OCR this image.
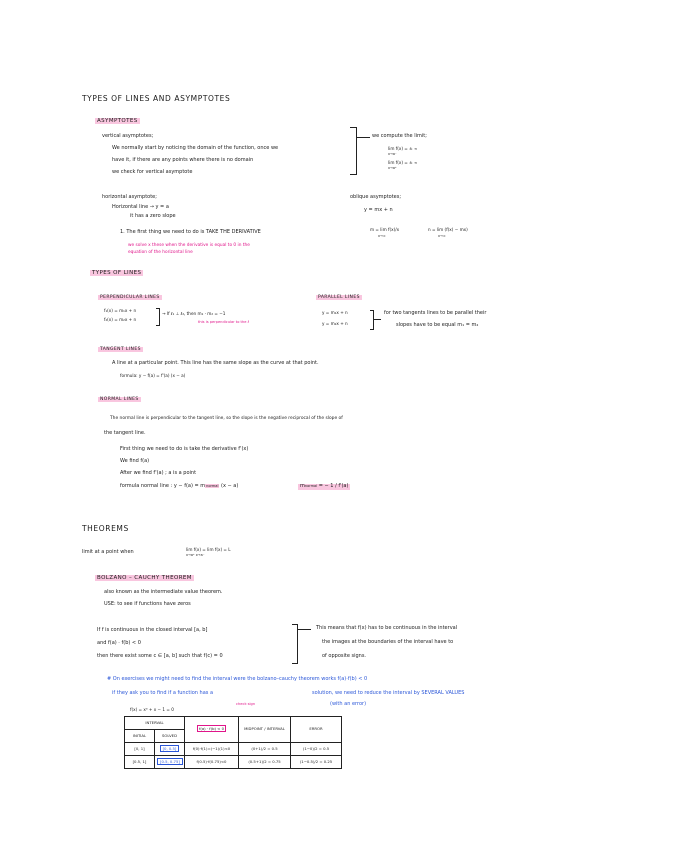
TYPES OF LINES AND ASYMPTOTES
ASYMPTOTES
vertical asymptotes;
We normally start by noticing the domain of the function, once we
have it, if there are any points where there is no domain
we check for vertical asymptote
we compute the limit;
lim f(x) = ± ∞
x→a⁻
lim f(x) = ± ∞
x→a⁺
horizontal asymptote;
Horizontal line → y = a
it has a zero slope
1. The first thing we need to do is TAKE THE DERIVATIVE
we solve x these when the derivative is equal to 0 in the
equation of the horizontal line
oblique asymptotes;
y = mx + n
m = lim f(x)/x
x→∞
n = lim (f(x) − mx)
x→∞
TYPES OF LINES
PERPENDICULAR LINES
f₁(x) = m₁x + n
f₂(x) = m₂x + n
→ If ℓ₁ ⊥ ℓ₂, then m₁ · m₂ = −1
this is perpendicular to the ℓ
PARALLEL LINES
y = m₁x + n
y = m₂x + n
for two tangents lines to be parallel their
slopes have to be equal m₁ = m₂
TANGENT LINES
A line at a particular point. This line has the same slope as the curve at that point.
formula: y − f(a) = f'(a) (x − a)
NORMAL LINES
The normal line is perpendicular to the tangent line, so the slope is the negative reciprocal of the slope of
the tangent line.
First thing we need to do is take the derivative f'(x)
We find f(a)
After we find f'(a) ; a is a point
formula normal line : y − f(a) = mnormal (x − a)	mnormal = − 1 / f'(a)
THEOREMS
limit at a point when	lim f(x) = lim f(x) = L
x→a⁺ x→a⁻
BOLZANO – CAUCHY THEOREM
also known as the intermediate value theorem.
USE: to see if functions have zeros
If f is continuous in the closed interval [a, b]
and f(a) · f(b) < 0
then there exist some c ∈ [a, b] such that f(c) = 0
This means that f(x) has to be continuous in the interval
the images at the boundaries of the interval have to
of opposite signs.
# On exercises we might need to find the interval were the bolzano–cauchy theorem works f(a)·f(b) < 0
if they ask you to find if a function has a	solution, we need to reduce the interval by SEVERAL VALUES
(with an error)
f(x) = x³ + x − 1 = 0
check sign
INTERVAL		f(a) · f(b) < 0	MIDPOINT / INTERVAL	ERROR
INITIAL	SOLVED			
[0, 1]	[0, 0.5]	f(0)·f(1)=(−1)(1)<0	(0+1)/2 = 0.5	(1−0)/2 = 0.5
[0.5, 1]	[0.5, 0.75]	f(0.5)·f(0.75)<0	(0.5+1)/2 = 0.75	(1−0.5)/2 = 0.25
